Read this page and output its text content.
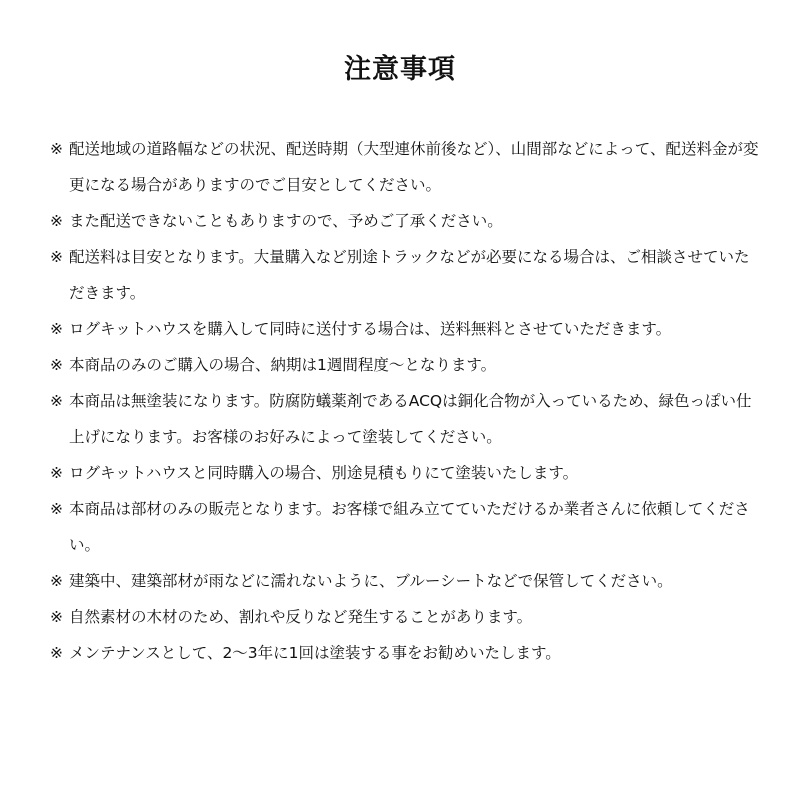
注意事項
※ 配送地域の道路幅などの状況、配送時期（大型連休前後など）、山間部などによって、配送料金が変更になる場合がありますのでご目安としてください。
※ また配送できないこともありますので、予めご了承ください。
※ 配送料は目安となります。大量購入など別途トラックなどが必要になる場合は、ご相談させていただきます。
※ ログキットハウスを購入して同時に送付する場合は、送料無料とさせていただきます。
※ 本商品のみのご購入の場合、納期は1週間程度～となります。
※ 本商品は無塗装になります。防腐防蟻薬剤であるACQは銅化合物が入っているため、緑色っぽい仕上げになります。お客様のお好みによって塗装してください。
※ ログキットハウスと同時購入の場合、別途見積もりにて塗装いたします。
※ 本商品は部材のみの販売となります。お客様で組み立てていただけるか業者さんに依頼してください。
※ 建築中、建築部材が雨などに濡れないように、ブルーシートなどで保管してください。
※ 自然素材の木材のため、割れや反りなど発生することがあります。
※ メンテナンスとして、2～3年に1回は塗装する事をお勧めいたします。
